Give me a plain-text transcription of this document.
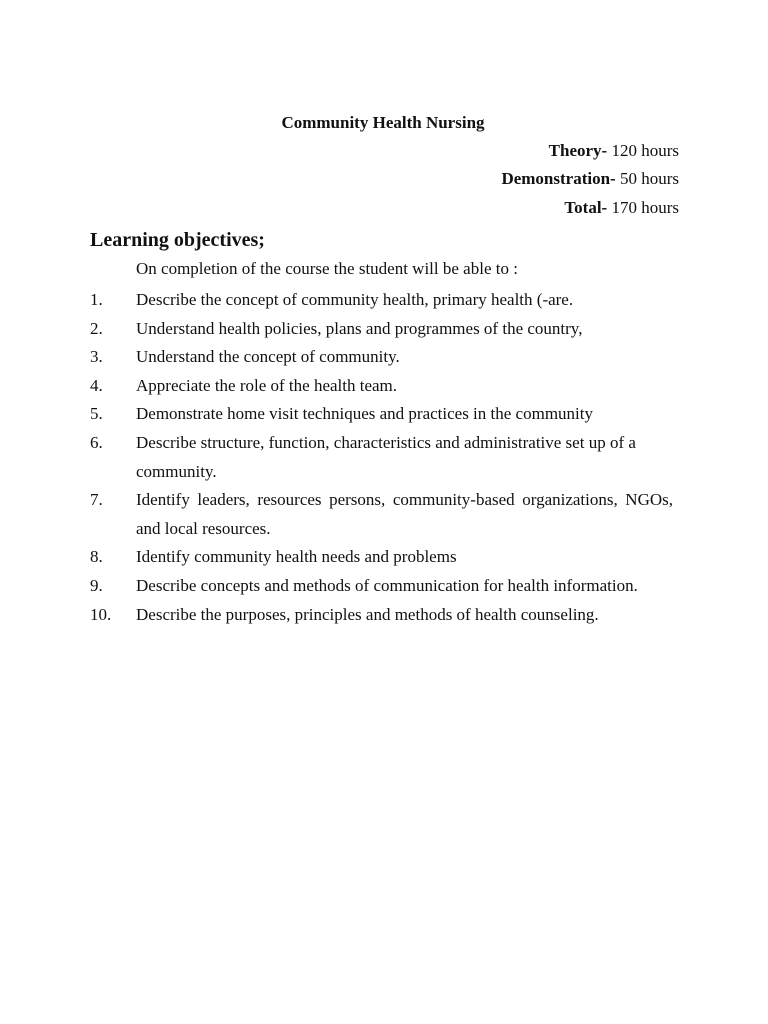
Community Health Nursing
Theory- 120 hours
Demonstration- 50 hours
Total- 170 hours
Learning objectives;
On completion of the course the student will be able to :
1. Describe the concept of community health, primary health (-are.
2. Understand health policies, plans and programmes of the country,
3. Understand the concept of community.
4. Appreciate the role of the health team.
5. Demonstrate home visit techniques and practices in the community
6. Describe structure, function, characteristics and administrative set up of a community.
7. Identify leaders, resources persons, community-based organizations, NGOs, and local resources.
8. Identify community health needs and problems
9. Describe concepts and methods of communication for health information.
10. Describe the purposes, principles and methods of health counseling.
